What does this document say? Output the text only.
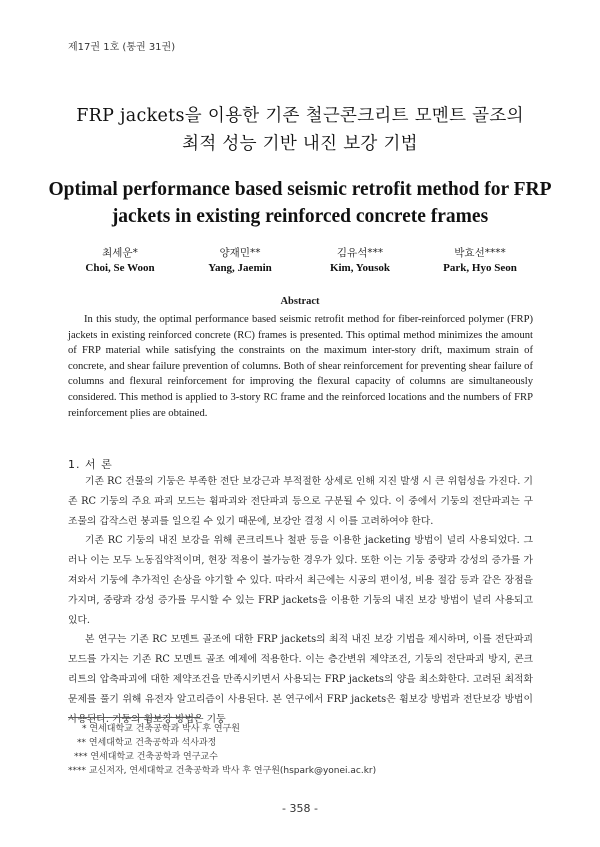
제17권 1호 (통권 31권)
FRP jackets을 이용한 기존 철근콘크리트 모멘트 골조의
최적 성능 기반 내진 보강 기법
Optimal performance based seismic retrofit method for FRP
jackets in existing reinforced concrete frames
최세운*
Choi, Se Woon
양재민**
Yang, Jaemin
김유석***
Kim, Yousok
박효선****
Park, Hyo Seon
Abstract

In this study, the optimal performance based seismic retrofit method for fiber-reinforced polymer (FRP) jackets in existing reinforced concrete (RC) frames is presented. This optimal method minimizes the amount of FRP material while satisfying the constraints on the maximum inter-story drift, maximum strain of concrete, and shear failure prevention of columns. Both of shear reinforcement for preventing shear failure of columns and flexural reinforcement for improving the flexural capacity of columns are simultaneously considered. This method is applied to 3-story RC frame and the reinforced locations and the numbers of FRP reinforcement plies are obtained.

1. 서 론

기존 RC 건물의 기둥은 부족한 전단 보강근과 부적절한 상세로 인해 지진 발생 시 큰 위험성을 가진다. 기존 RC 기둥의 주요 파괴 모드는 휨파괴와 전단파괴 등으로 구분될 수 있다. 이 중에서 기둥의 전단파괴는 구조물의 갑작스런 붕괴를 일으킬 수 있기 때문에, 보강안 결정 시 이를 고려하여야 한다.

기존 RC 기둥의 내진 보강을 위해 콘크리트나 철판 등을 이용한 jacketing 방법이 널리 사용되었다. 그러나 이는 모두 노동집약적이며, 현장 적용이 불가능한 경우가 있다. 또한 이는 기둥 중량과 강성의 증가를 가져와서 기둥에 추가적인 손상을 야기할 수 있다. 따라서 최근에는 시공의 편이성, 비용 절감 등과 같은 장점을 가지며, 중량과 강성 증가를 무시할 수 있는 FRP jackets을 이용한 기둥의 내진 보강 방법이 널리 사용되고 있다.

본 연구는 기존 RC 모멘트 골조에 대한 FRP jackets의 최적 내진 보강 기법을 제시하며, 이를 전단파괴모드를 가지는 기존 RC 모멘트 골조 예제에 적용한다. 이는 층간변위 제약조건, 기둥의 전단파괴 방지, 콘크리트의 압축파괴에 대한 제약조건을 만족시키면서 사용되는 FRP jackets의 양을 최소화한다. 고려된 최적화 문제를 풀기 위해 유전자 알고리즘이 사용된다. 본 연구에서 FRP jackets은 휨보강 방법과 전단보강 방법이 사용된다. 기둥의 휨보강 방법은 기둥

* 연세대학교 건축공학과 박사 후 연구원
** 연세대학교 건축공학과 석사과정
*** 연세대학교 건축공학과 연구교수
**** 교신저자, 연세대학교 건축공학과 박사 후 연구원(hspark@yonei.ac.kr)
- 358 -
